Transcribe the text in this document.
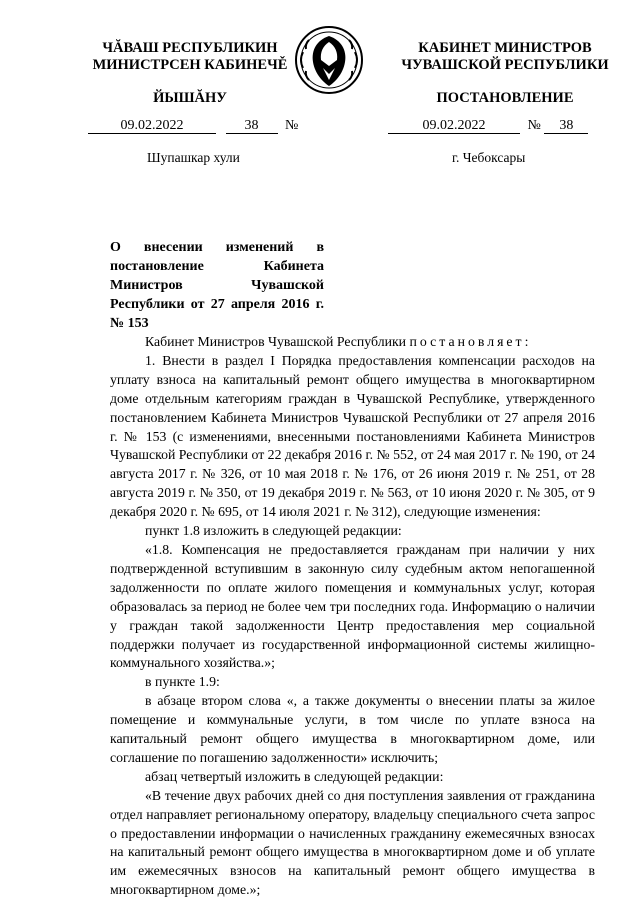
ЧĂВАШ РЕСПУБЛИКИН
МИНИСТРСЕН КАБИНЕЧĚ
ЙЫШĂНУ
КАБИНЕТ МИНИСТРОВ
ЧУВАШСКОЙ РЕСПУБЛИКИ
ПОСТАНОВЛЕНИЕ
09.02.2022	38 №	09.02.2022	№ 38
Шупашкар хули	г. Чебоксары
О внесении изменений в постановление Кабинета Министров Чувашской Республики от 27 апреля 2016 г. № 153

Кабинет Министров Чувашской Республики постановляет:

1. Внести в раздел I Порядка предоставления компенсации расходов на уплату взноса на капитальный ремонт общего имущества в многоквартирном доме отдельным категориям граждан в Чувашской Республике, утвержденного постановлением Кабинета Министров Чувашской Республики от 27 апреля 2016 г. № 153 (с изменениями, внесенными постановлениями Кабинета Министров Чувашской Республики от 22 декабря 2016 г. № 552, от 24 мая 2017 г. № 190, от 24 августа 2017 г. № 326, от 10 мая 2018 г. № 176, от 26 июня 2019 г. № 251, от 28 августа 2019 г. № 350, от 19 декабря 2019 г. № 563, от 10 июня 2020 г. № 305, от 9 декабря 2020 г. № 695, от 14 июля 2021 г. № 312), следующие изменения:

пункт 1.8 изложить в следующей редакции:

«1.8. Компенсация не предоставляется гражданам при наличии у них подтвержденной вступившим в законную силу судебным актом непогашенной задолженности по оплате жилого помещения и коммунальных услуг, которая образовалась за период не более чем три последних года. Информацию о наличии у граждан такой задолженности Центр предоставления мер социальной поддержки получает из государственной информационной системы жилищно-коммунального хозяйства.»;

в пункте 1.9:

в абзаце втором слова «, а также документы о внесении платы за жилое помещение и коммунальные услуги, в том числе по уплате взноса на капитальный ремонт общего имущества в многоквартирном доме, или соглашение по погашению задолженности» исключить;

абзац четвертый изложить в следующей редакции:

«В течение двух рабочих дней со дня поступления заявления от гражданина отдел направляет региональному оператору, владельцу специального счета запрос о предоставлении информации о начисленных гражданину ежемесячных взносах на капитальный ремонт общего имущества в многоквартирном доме и об уплате им ежемесячных взносов на капитальный ремонт общего имущества в многоквартирном доме.»;
